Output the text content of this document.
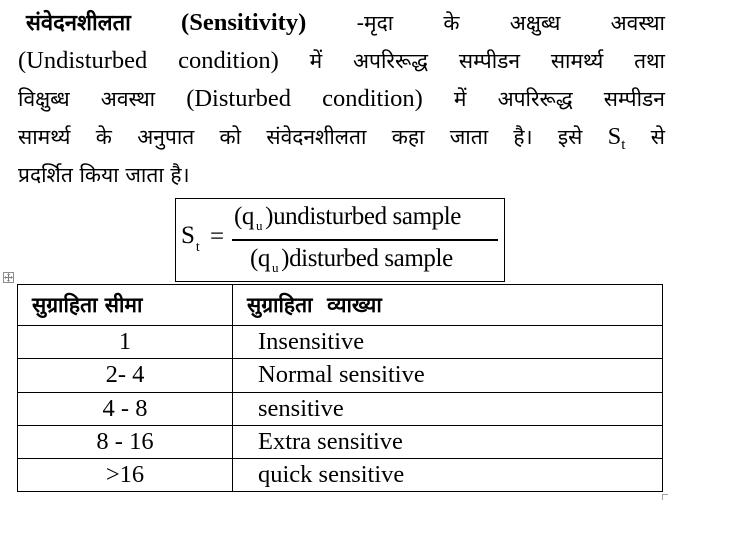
संवेदनशीलता (Sensitivity) -मृदा के अक्षुब्ध अवस्था
(Undisturbed condition) में अपरिरूद्ध सम्पीडन सामर्थ्य तथा
विक्षुब्ध अवस्था (Disturbed condition) में अपरिरूद्ध सम्पीडन
सामर्थ्य के अनुपात को संवेदनशीलता कहा जाता है। इसे $S_t$ से
प्रदर्शित किया जाता है।
$S_t$ =
(q $_u$ )undisturbed sample
(q $_u$ )disturbed sample
सुग्राहिता सीमा	सुग्राहिता  व्याख्या
1	Insensitive
2- 4	Normal sensitive
4 - 8	sensitive
8 - 16	Extra sensitive
>16	quick sensitive
